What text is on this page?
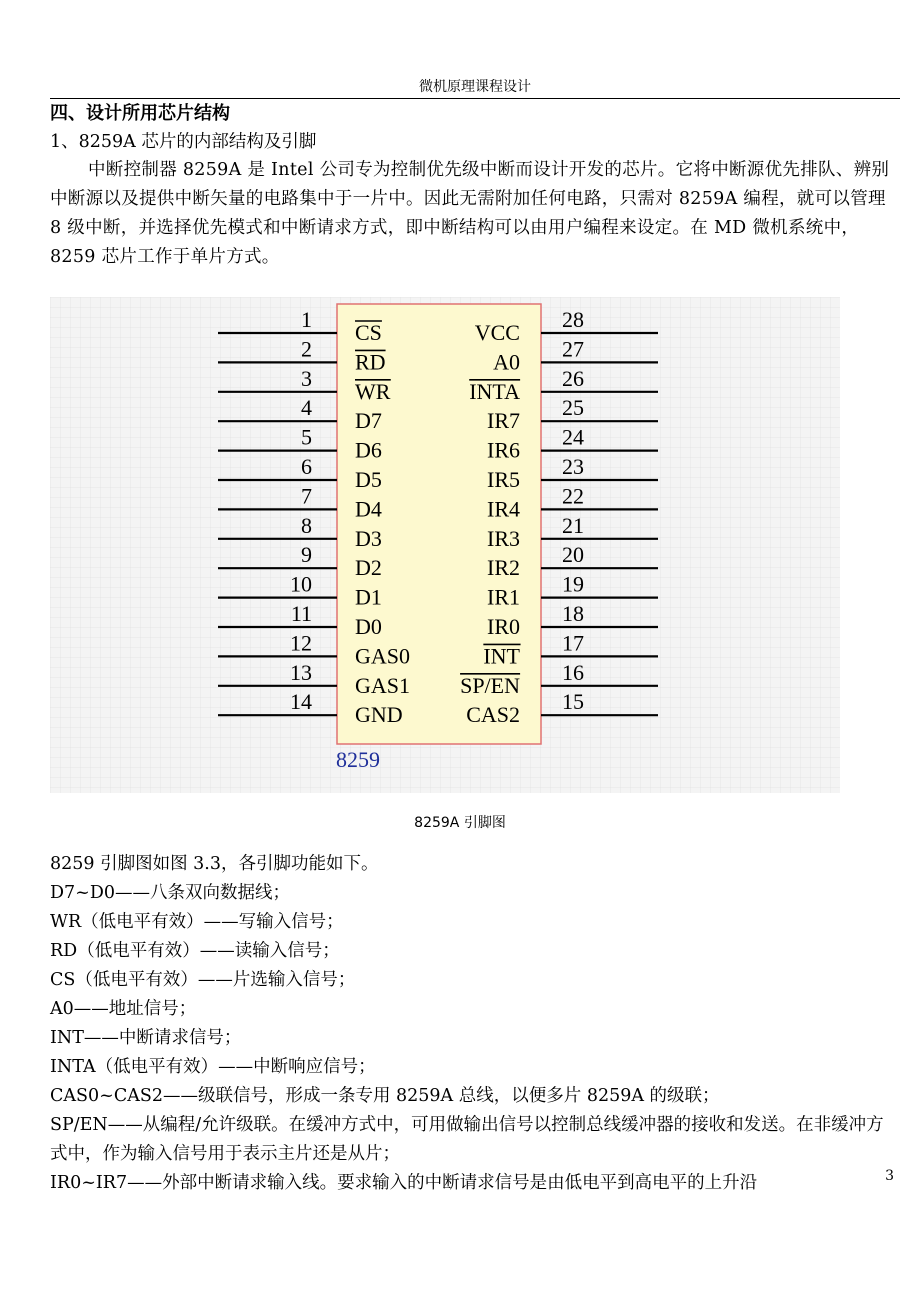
微机原理课程设计
四、设计所用芯片结构
1、8259A 芯片的内部结构及引脚
中断控制器 8259A 是 Intel 公司专为控制优先级中断而设计开发的芯片。它将中断源优先排队、辨别中断源以及提供中断矢量的电路集中于一片中。因此无需附加任何电路，只需对 8259A 编程，就可以管理 8 级中断，并选择优先模式和中断请求方式，即中断结构可以由用户编程来设定。在 MD 微机系统中，8259 芯片工作于单片方式。
1
CS
2
RD
3
WR
4
D7
5
D6
6
D5
7
D4
8
D3
9
D2
10
D1
11
D0
12
GAS0
13
GAS1
14
GND
28
VCC
27
A0
26
INTA
25
IR7
24
IR6
23
IR5
22
IR4
21
IR3
20
IR2
19
IR1
18
IR0
17
INT
16
SP/EN
15
CAS2
8259
8259A 引脚图

8259 引脚图如图 3.3，各引脚功能如下。

D7~D0——八条双向数据线；

WR（低电平有效）——写输入信号；

RD（低电平有效）——读输入信号；

CS（低电平有效）——片选输入信号；

A0——地址信号；

INT——中断请求信号；

INTA（低电平有效）——中断响应信号；

CAS0~CAS2——级联信号，形成一条专用 8259A 总线，以便多片 8259A 的级联；

SP/EN——从编程/允许级联。在缓冲方式中，可用做输出信号以控制总线缓冲器的接收和发送。在非缓冲方式中，作为输入信号用于表示主片还是从片；

IR0~IR7——外部中断请求输入线。要求输入的中断请求信号是由低电平到高电平的上升沿	3
